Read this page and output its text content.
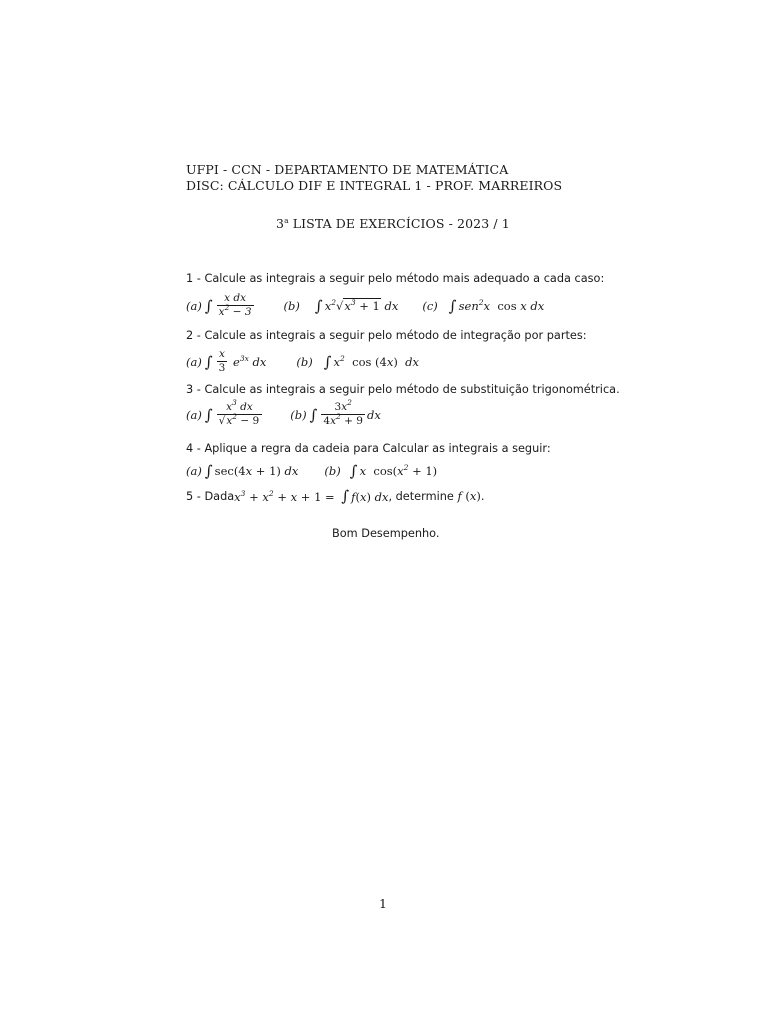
UFPI - CCN - DEPARTAMENTO DE MATEMÁTICA
DISC: CÁLCULO DIF E INTEGRAL 1 - PROF. MARREIROS
3$^a$ LISTA DE EXERCÍCIOS - 2023 / 1
1 - Calcule as integrais a seguir pelo método mais adequado a cada caso:
(a) ∫ $\frac{\text{x dx}}{x^2 - 3}$	(b) ∫ $x^2√x^3 + 1$ dx (c) ∫ sen$^2$x  cos x dx
2 - Calcule as integrais a seguir pelo método de integração por partes:
(a) ∫ $\frac{x}{3} e^{3x}$ dx	(b) ∫ $x^2$ cos (4x)  dx
3 - Calcule as integrais a seguir pelo método de substituição trigonométrica.
(a) ∫ $\frac{x^3 dx}{√x^2 - 9} (b)$ ∫ $\frac{3x^2}{4x^2 + 9}$ dx
4 - Aplique a regra da cadeia para Calcular as integrais a seguir:
(a) ∫ sec(4x + 1) dx (b) ∫ x  $\cos(x^2 + 1)$
5 - Dada $x^3 + x^2 + x + 1$ = ∫ f(x) dx , determine f (x) .
Bom Desempenho.
1
